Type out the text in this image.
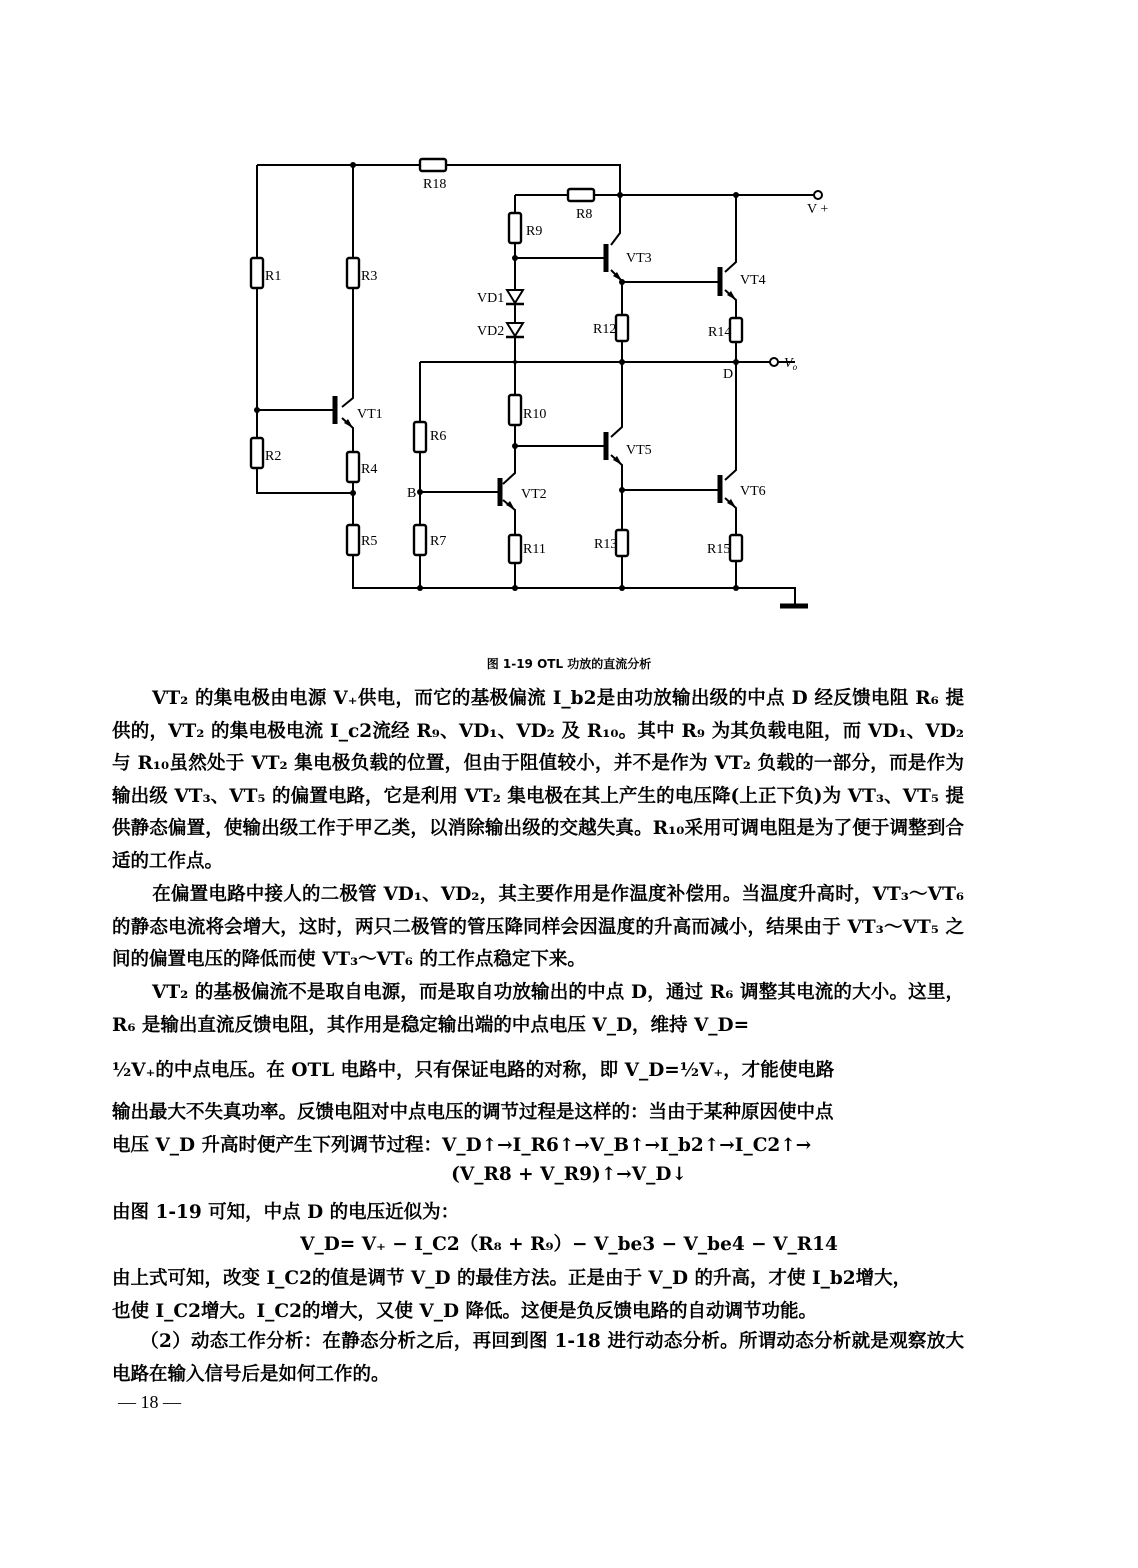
R18
R8
R9
R1	R3
VT3
VT4
VD1
VD2	R12	R14
V +
$V_o$
D
VT1	R10
R6
R2	VT5
R4
B	VT2	VT6
R5	R7
R11	R13	R15
图 1-19 OTL 功放的直流分析
VT₂ 的集电极由电源 V₊供电，而它的基极偏流 I_b2是由功放输出级的中点 D 经反馈电阻 R₆ 提供的，VT₂ 的集电极电流 I_c2流经 R₉、VD₁、VD₂ 及 R₁₀。其中 R₉ 为其负载电阻，而 VD₁、VD₂ 与 R₁₀虽然处于 VT₂ 集电极负载的位置，但由于阻值较小，并不是作为 VT₂ 负载的一部分，而是作为输出级 VT₃、VT₅ 的偏置电路，它是利用 VT₂ 集电极在其上产生的电压降(上正下负)为 VT₃、VT₅ 提供静态偏置，使输出级工作于甲乙类，以消除输出级的交越失真。R₁₀采用可调电阻是为了便于调整到合适的工作点。
在偏置电路中接人的二极管 VD₁、VD₂，其主要作用是作温度补偿用。当温度升高时，VT₃～VT₆ 的静态电流将会增大，这时，两只二极管的管压降同样会因温度的升高而减小，结果由于 VT₃～VT₅ 之间的偏置电压的降低而使 VT₃～VT₆ 的工作点稳定下来。
VT₂ 的基极偏流不是取自电源，而是取自功放输出的中点 D，通过 R₆ 调整其电流的大小。这里，R₆ 是输出直流反馈电阻，其作用是稳定输出端的中点电压 V_D，维持 V_D=
½V₊的中点电压。在 OTL 电路中，只有保证电路的对称，即 V_D=½V₊，才能使电路
输出最大不失真功率。反馈电阻对中点电压的调节过程是这样的：当由于某种原因使中点
电压 V_D 升高时便产生下列调节过程：V_D↑→I_R6↑→V_B↑→I_b2↑→I_C2↑→
(V_R8 + V_R9)↑→V_D↓
由图 1-19 可知，中点 D 的电压近似为：
V_D= V₊ − I_C2（R₈ + R₉）− V_be3 − V_be4 − V_R14
由上式可知，改变 I_C2的值是调节 V_D 的最佳方法。正是由于 V_D 的升高，才使 I_b2增大，
也使 I_C2增大。I_C2的增大，又使 V_D 降低。这便是负反馈电路的自动调节功能。
（2）动态工作分析：在静态分析之后，再回到图 1-18 进行动态分析。所谓动态分析就是观察放大电路在输入信号后是如何工作的。
— 18 —
